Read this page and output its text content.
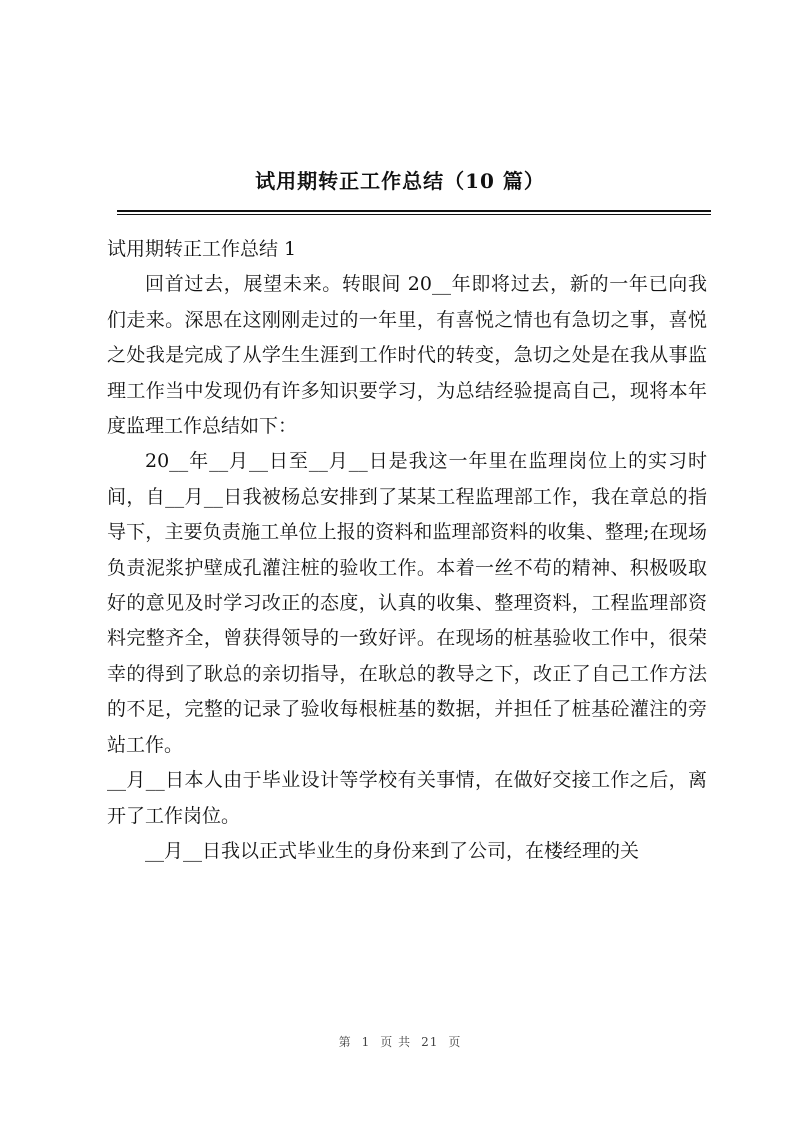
试用期转正工作总结（10 篇）

试用期转正工作总结 1

回首过去，展望未来。转眼间 20__年即将过去，新的一年已向我们走来。深思在这刚刚走过的一年里，有喜悦之情也有急切之事，喜悦之处我是完成了从学生生涯到工作时代的转变，急切之处是在我从事监理工作当中发现仍有许多知识要学习，为总结经验提高自己，现将本年度监理工作总结如下：

20__年__月__日至__月__日是我这一年里在监理岗位上的实习时间，自__月__日我被杨总安排到了某某工程监理部工作，我在章总的指导下，主要负责施工单位上报的资料和监理部资料的收集、整理;在现场负责泥浆护壁成孔灌注桩的验收工作。本着一丝不苟的精神、积极吸取好的意见及时学习改正的态度，认真的收集、整理资料，工程监理部资料完整齐全，曾获得领导的一致好评。在现场的桩基验收工作中，很荣幸的得到了耿总的亲切指导，在耿总的教导之下，改正了自己工作方法的不足，完整的记录了验收每根桩基的数据，并担任了桩基砼灌注的旁站工作。

__月__日本人由于毕业设计等学校有关事情，在做好交接工作之后，离开了工作岗位。

__月__日我以正式毕业生的身份来到了公司，在楼经理的关

第 1 页 共 21 页
